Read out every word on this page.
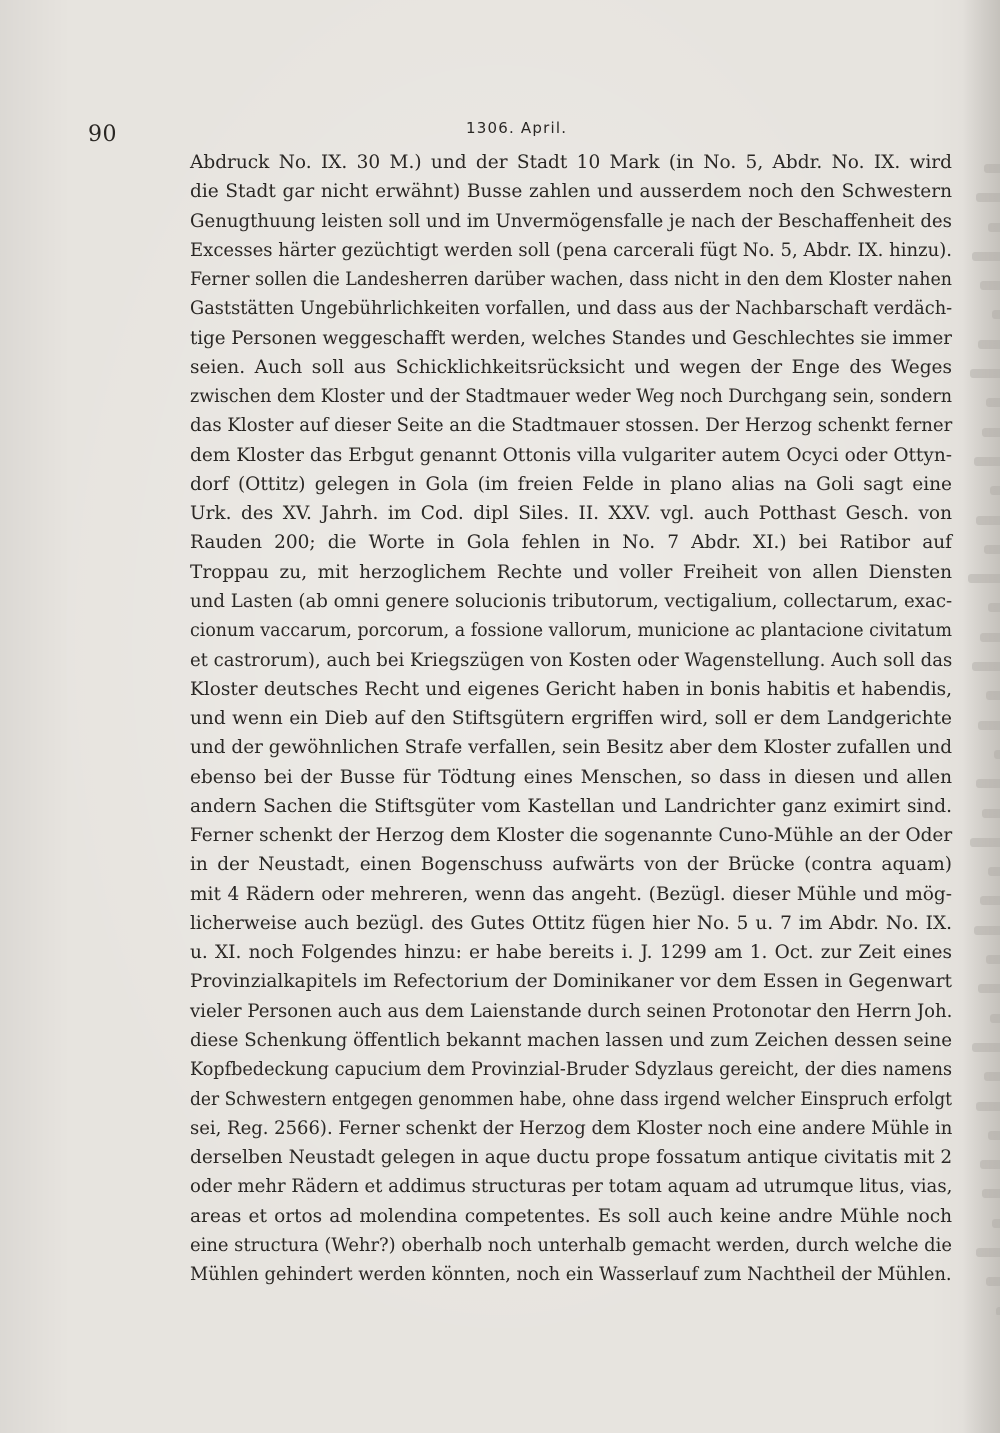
90	1306. April.
Abdruck No. IX. 30 M.) und der Stadt 10 Mark (in No. 5, Abdr. No. IX. wird
die Stadt gar nicht erwähnt) Busse zahlen und ausserdem noch den Schwestern
Genugthuung leisten soll und im Unvermögensfalle je nach der Beschaffenheit des
Excesses härter gezüchtigt werden soll (pena carcerali fügt No. 5, Abdr. IX. hinzu).
Ferner sollen die Landesherren darüber wachen, dass nicht in den dem Kloster nahen
Gaststätten Ungebührlichkeiten vorfallen, und dass aus der Nachbarschaft verdäch-
tige Personen weggeschafft werden, welches Standes und Geschlechtes sie immer
seien. Auch soll aus Schicklichkeitsrücksicht und wegen der Enge des Weges
zwischen dem Kloster und der Stadtmauer weder Weg noch Durchgang sein, sondern
das Kloster auf dieser Seite an die Stadtmauer stossen. Der Herzog schenkt ferner
dem Kloster das Erbgut genannt Ottonis villa vulgariter autem Ocyci oder Ottyn-
dorf (Ottitz) gelegen in Gola (im freien Felde in plano alias na Goli sagt eine
Urk. des XV. Jahrh. im Cod. dipl Siles. II. XXV. vgl. auch Potthast Gesch. von
Rauden 200; die Worte in Gola fehlen in No. 7 Abdr. XI.) bei Ratibor auf
Troppau zu, mit herzoglichem Rechte und voller Freiheit von allen Diensten
und Lasten (ab omni genere solucionis tributorum, vectigalium, collectarum, exac-
cionum vaccarum, porcorum, a fossione vallorum, municione ac plantacione civitatum
et castrorum), auch bei Kriegszügen von Kosten oder Wagenstellung. Auch soll das
Kloster deutsches Recht und eigenes Gericht haben in bonis habitis et habendis,
und wenn ein Dieb auf den Stiftsgütern ergriffen wird, soll er dem Landgerichte
und der gewöhnlichen Strafe verfallen, sein Besitz aber dem Kloster zufallen und
ebenso bei der Busse für Tödtung eines Menschen, so dass in diesen und allen
andern Sachen die Stiftsgüter vom Kastellan und Landrichter ganz eximirt sind.
Ferner schenkt der Herzog dem Kloster die sogenannte Cuno-Mühle an der Oder
in der Neustadt, einen Bogenschuss aufwärts von der Brücke (contra aquam)
mit 4 Rädern oder mehreren, wenn das angeht. (Bezügl. dieser Mühle und mög-
licherweise auch bezügl. des Gutes Ottitz fügen hier No. 5 u. 7 im Abdr. No. IX.
u. XI. noch Folgendes hinzu: er habe bereits i. J. 1299 am 1. Oct. zur Zeit eines
Provinzialkapitels im Refectorium der Dominikaner vor dem Essen in Gegenwart
vieler Personen auch aus dem Laienstande durch seinen Protonotar den Herrn Joh.
diese Schenkung öffentlich bekannt machen lassen und zum Zeichen dessen seine
Kopfbedeckung capucium dem Provinzial-Bruder Sdyzlaus gereicht, der dies namens
der Schwestern entgegen genommen habe, ohne dass irgend welcher Einspruch erfolgt
sei, Reg. 2566). Ferner schenkt der Herzog dem Kloster noch eine andere Mühle in
derselben Neustadt gelegen in aque ductu prope fossatum antique civitatis mit 2
oder mehr Rädern et addimus structuras per totam aquam ad utrumque litus, vias,
areas et ortos ad molendina competentes. Es soll auch keine andre Mühle noch
eine structura (Wehr?) oberhalb noch unterhalb gemacht werden, durch welche die
Mühlen gehindert werden könnten, noch ein Wasserlauf zum Nachtheil der Mühlen.
